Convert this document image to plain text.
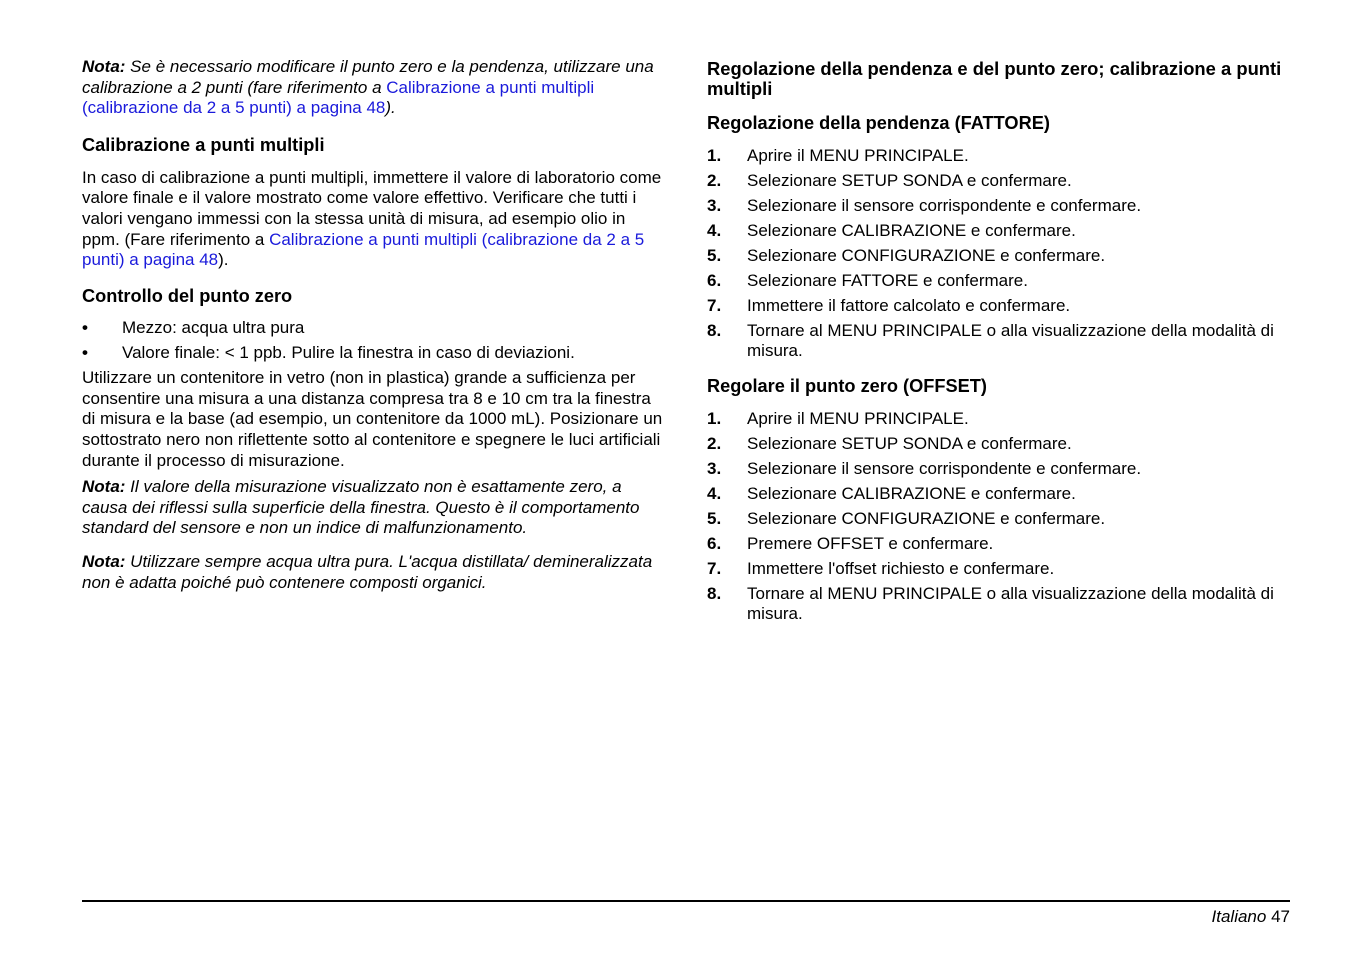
Nota: Se è necessario modificare il punto zero e la pendenza, utilizzare una calibrazione a 2 punti (fare riferimento a Calibrazione a punti multipli (calibrazione da 2 a 5 punti) a pagina 48).

Calibrazione a punti multipli

In caso di calibrazione a punti multipli, immettere il valore di laboratorio come valore finale e il valore mostrato come valore effettivo. Verificare che tutti i valori vengano immessi con la stessa unità di misura, ad esempio olio in ppm. (Fare riferimento a Calibrazione a punti multipli (calibrazione da 2 a 5 punti) a pagina 48).

Controllo del punto zero
• Mezzo: acqua ultra pura
• Valore finale: < 1 ppb. Pulire la finestra in caso di deviazioni.

Utilizzare un contenitore in vetro (non in plastica) grande a sufficienza per consentire una misura a una distanza compresa tra 8 e 10 cm tra la finestra di misura e la base (ad esempio, un contenitore da 1000 mL). Posizionare un sottostrato nero non riflettente sotto al contenitore e spegnere le luci artificiali durante il processo di misurazione.

Nota: Il valore della misurazione visualizzato non è esattamente zero, a causa dei riflessi sulla superficie della finestra. Questo è il comportamento standard del sensore e non un indice di malfunzionamento.

Nota: Utilizzare sempre acqua ultra pura. L'acqua distillata/ demineralizzata non è adatta poiché può contenere composti organici.

Regolazione della pendenza e del punto zero; calibrazione a punti multipli
Regolazione della pendenza (FATTORE)
1. Aprire il MENU PRINCIPALE.
2. Selezionare SETUP SONDA e confermare.
3. Selezionare il sensore corrispondente e confermare.
4. Selezionare CALIBRAZIONE e confermare.
5. Selezionare CONFIGURAZIONE e confermare.
6. Selezionare FATTORE e confermare.
7. Immettere il fattore calcolato e confermare.
8. Tornare al MENU PRINCIPALE o alla visualizzazione della modalità di misura.
Regolare il punto zero (OFFSET)
1. Aprire il MENU PRINCIPALE.
2. Selezionare SETUP SONDA e confermare.
3. Selezionare il sensore corrispondente e confermare.
4. Selezionare CALIBRAZIONE e confermare.
5. Selezionare CONFIGURAZIONE e confermare.
6. Premere OFFSET e confermare.
7. Immettere l'offset richiesto e confermare.
8. Tornare al MENU PRINCIPALE o alla visualizzazione della modalità di misura.
Italiano 47
